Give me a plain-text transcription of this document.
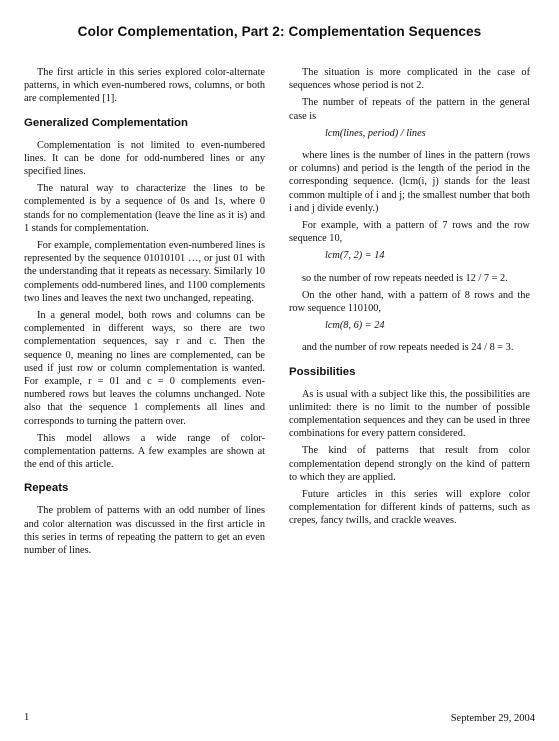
Color Complementation, Part 2: Complementation Sequences

The first article in this series explored color-alternate patterns, in which even-numbered rows, columns, or both are complemented [1].

Generalized Complementation

Complementation is not limited to even-numbered lines. It can be done for odd-numbered lines or any specified lines.

The natural way to characterize the lines to be complemented is by a sequence of 0s and 1s, where 0 stands for no complementation (leave the line as it is) and 1 stands for complementation.

For example, complementation even-numbered lines is represented by the sequence 01010101 …, or just 01 with the understanding that it repeats as necessary. Similarly 10 complements odd-numbered lines, and 1100 complements two lines and leaves the next two unchanged, repeating.

In a general model, both rows and columns can be complemented in different ways, so there are two complementation sequences, say r and c. Then the sequence 0, meaning no lines are complemented, can be used if just row or column complementation is wanted. For example, r = 01 and c = 0 complements even-numbered rows but leaves the columns unchanged. Note also that the sequence 1 complements all lines and corresponds to turning the pattern over.

This model allows a wide range of color-complementation patterns. A few examples are shown at the end of this article.

Repeats

The problem of patterns with an odd number of lines and color alternation was discussed in the first article in this series in terms of repeating the pattern to get an even number of lines.

The situation is more complicated in the case of sequences whose period is not 2.

The number of repeats of the pattern in the general case is

lcm(lines, period) / lines

where lines is the number of lines in the pattern (rows or columns) and period is the length of the period in the corresponding sequence. (lcm(i, j) stands for the least common multiple of i and j; the smallest number that both i and j divide evenly.)

For example, with a pattern of 7 rows and the row sequence 10,

lcm(7, 2) = 14

so the number of row repeats needed is 12 / 7 = 2.

On the other hand, with a pattern of 8 rows and the row sequence 110100,

lcm(8, 6) = 24

and the number of row repeats needed is 24 / 8 = 3.

Possibilities

As is usual with a subject like this, the possibilities are unlimited: there is no limit to the number of possible complementation sequences and they can be used in three combinations for every pattern considered.

The kind of patterns that result from color complementation depend strongly on the kind of pattern to which they are applied.

Future articles in this series will explore color complementation for different kinds of patterns, such as crepes, fancy twills, and crackle weaves.

1	September 29, 2004
